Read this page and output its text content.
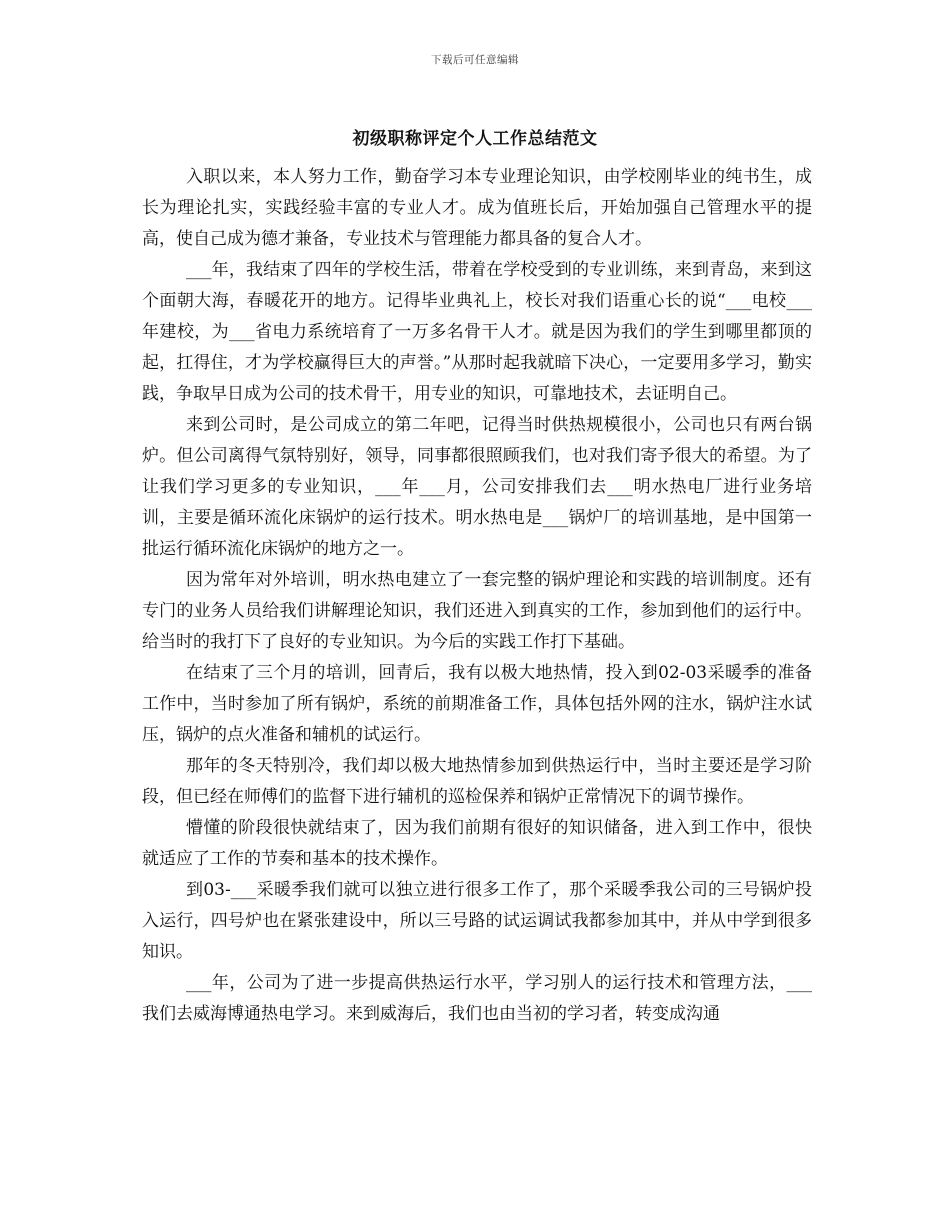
下载后可任意编辑
初级职称评定个人工作总结范文

入职以来，本人努力工作，勤奋学习本专业理论知识，由学校刚毕业的纯书生，成长为理论扎实，实践经验丰富的专业人才。成为值班长后，开始加强自己管理水平的提高，使自己成为德才兼备，专业技术与管理能力都具备的复合人才。

___年，我结束了四年的学校生活，带着在学校受到的专业训练，来到青岛，来到这个面朝大海，春暖花开的地方。记得毕业典礼上，校长对我们语重心长的说“___电校___年建校，为___省电力系统培育了一万多名骨干人才。就是因为我们的学生到哪里都顶的起，扛得住，才为学校赢得巨大的声誉。”从那时起我就暗下决心，一定要用多学习，勤实践，争取早日成为公司的技术骨干，用专业的知识，可靠地技术，去证明自己。

来到公司时，是公司成立的第二年吧，记得当时供热规模很小，公司也只有两台锅炉。但公司离得气氛特别好，领导，同事都很照顾我们，也对我们寄予很大的希望。为了让我们学习更多的专业知识，___年___月，公司安排我们去___明水热电厂进行业务培训，主要是循环流化床锅炉的运行技术。明水热电是___锅炉厂的培训基地，是中国第一批运行循环流化床锅炉的地方之一。

因为常年对外培训，明水热电建立了一套完整的锅炉理论和实践的培训制度。还有专门的业务人员给我们讲解理论知识，我们还进入到真实的工作，参加到他们的运行中。给当时的我打下了良好的专业知识。为今后的实践工作打下基础。

在结束了三个月的培训，回青后，我有以极大地热情，投入到02-03采暖季的准备工作中，当时参加了所有锅炉，系统的前期准备工作，具体包括外网的注水，锅炉注水试压，锅炉的点火准备和辅机的试运行。

那年的冬天特别冷，我们却以极大地热情参加到供热运行中，当时主要还是学习阶段，但已经在师傅们的监督下进行辅机的巡检保养和锅炉正常情况下的调节操作。

懵懂的阶段很快就结束了，因为我们前期有很好的知识储备，进入到工作中，很快就适应了工作的节奏和基本的技术操作。

到03-___采暖季我们就可以独立进行很多工作了，那个采暖季我公司的三号锅炉投入运行，四号炉也在紧张建设中，所以三号路的试运调试我都参加其中，并从中学到很多知识。

___年，公司为了进一步提高供热运行水平，学习别人的运行技术和管理方法，___我们去威海博通热电学习。来到威海后，我们也由当初的学习者，转变成沟通
